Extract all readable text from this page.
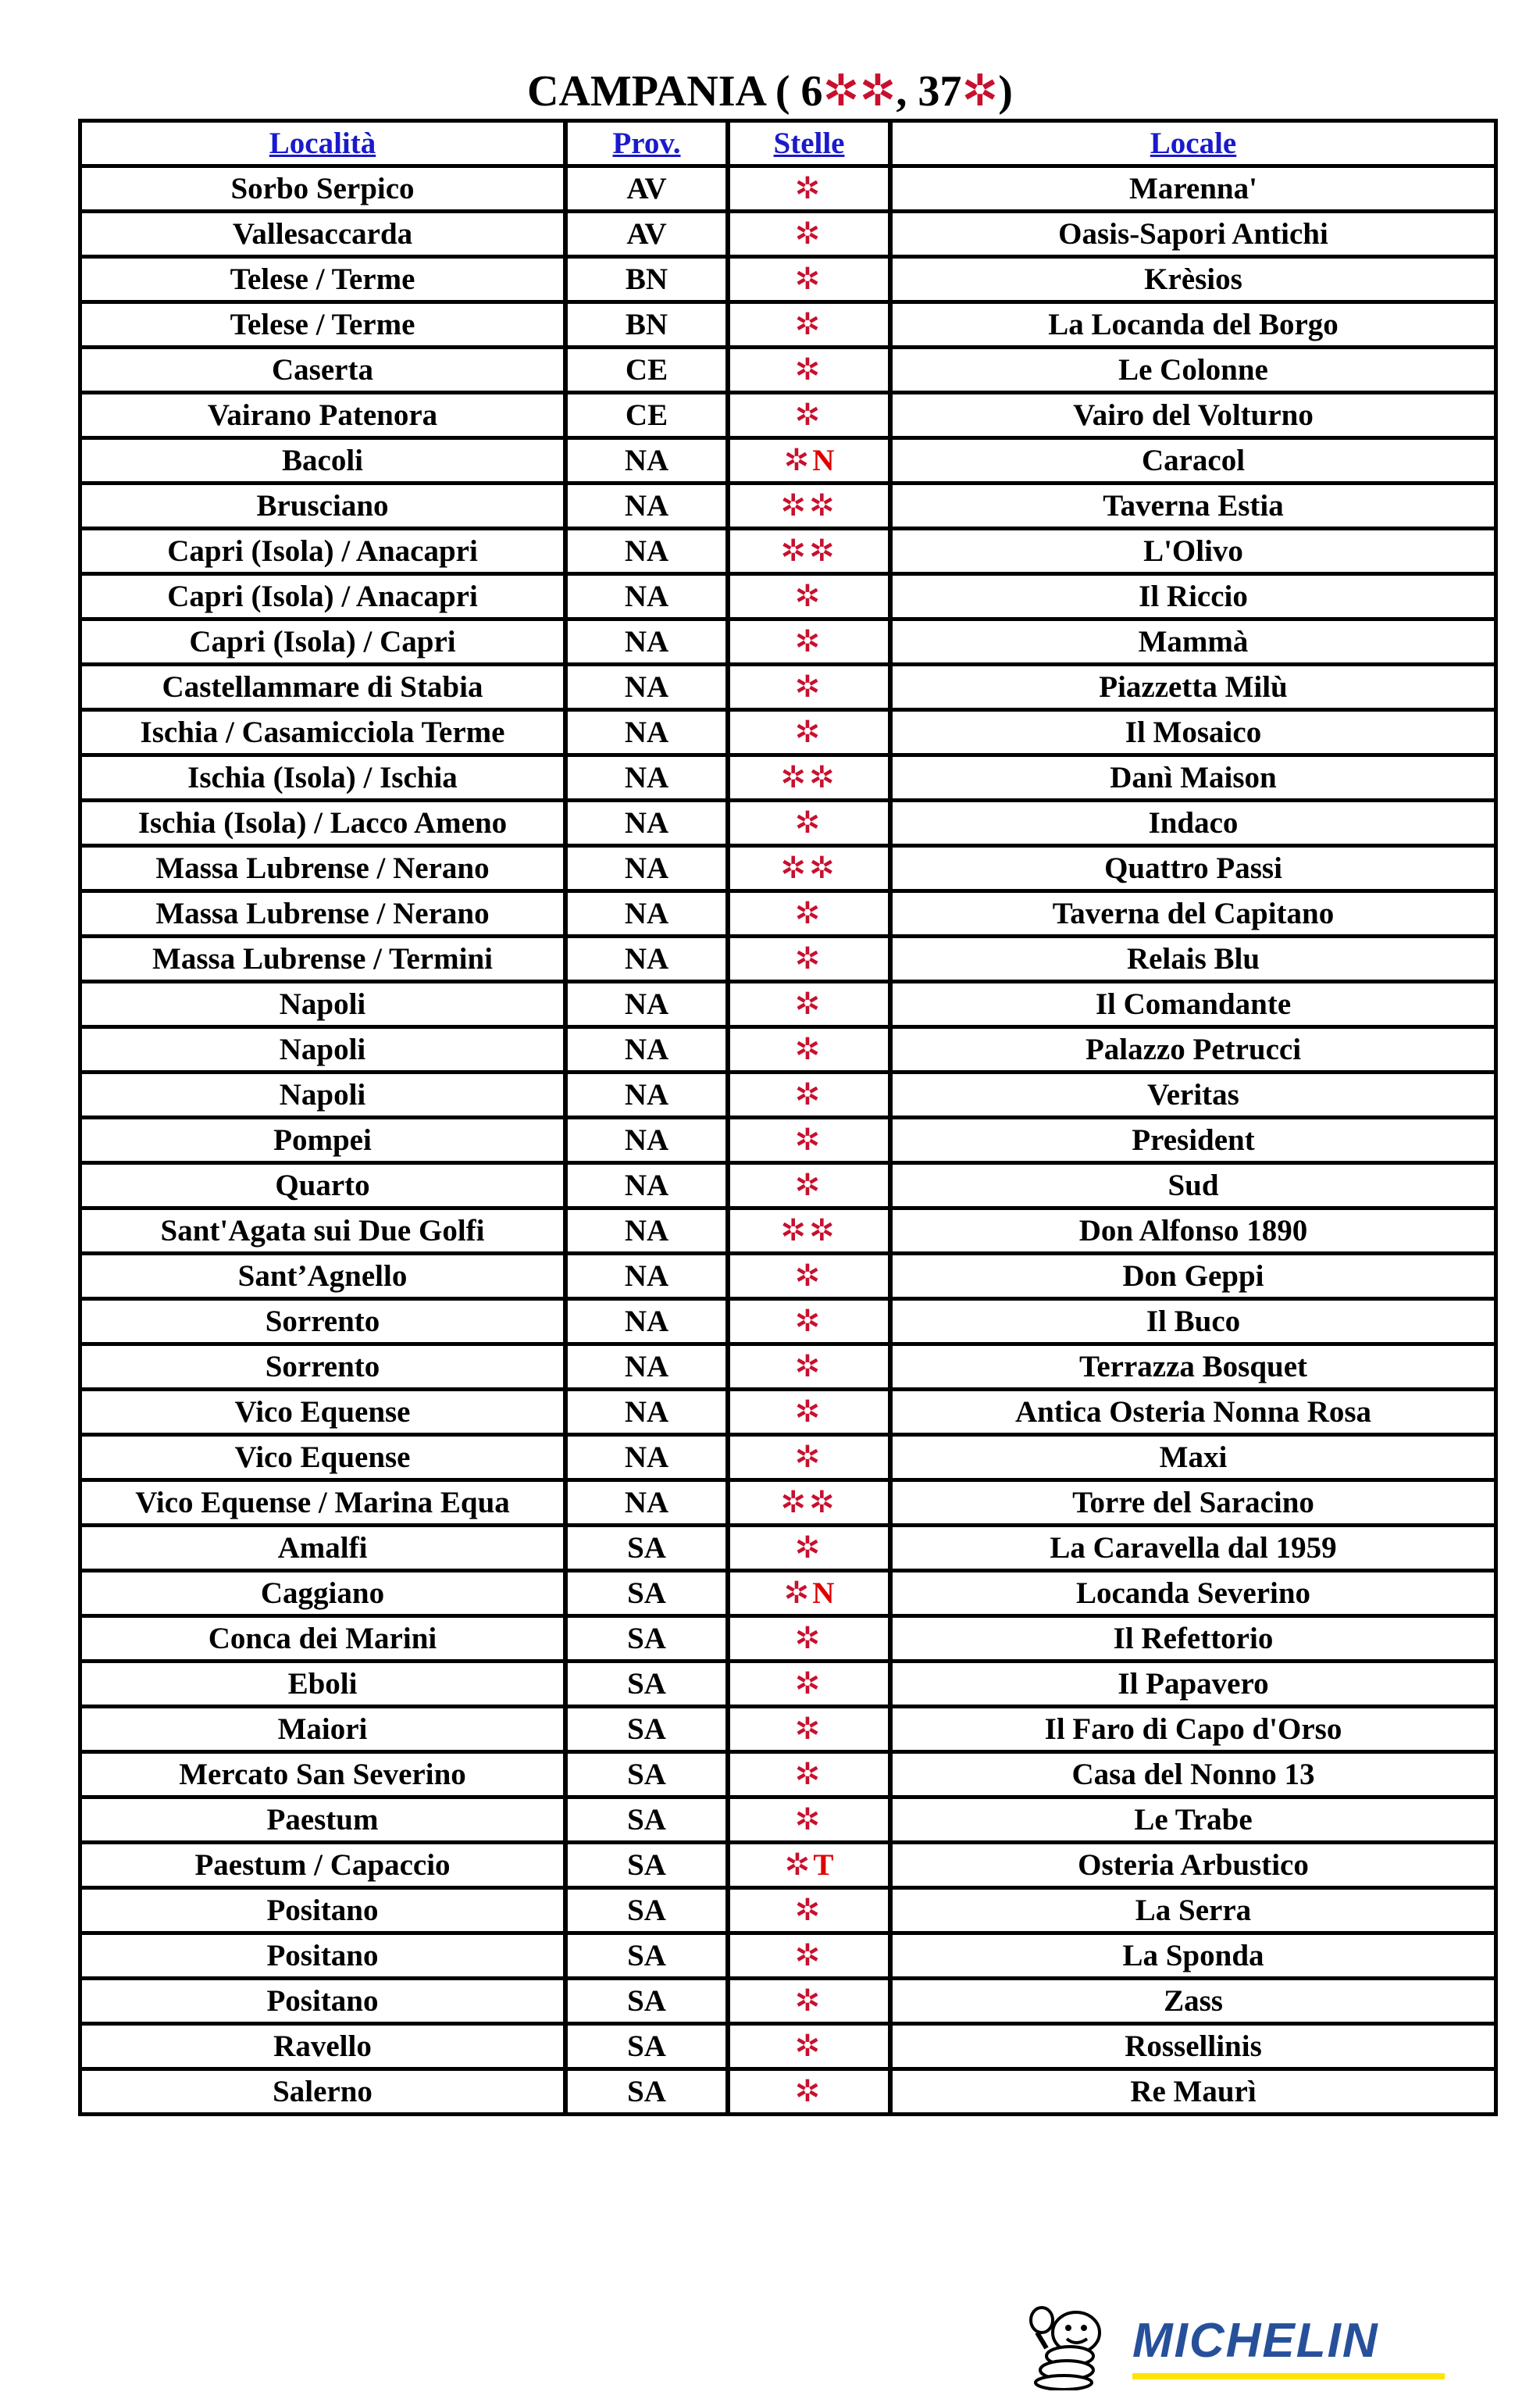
CAMPANIA ( 6✲✲, 37✲)
Località	Prov.	Stelle	Locale
Sorbo Serpico	AV	✲	Marenna'
Vallesaccarda	AV	✲	Oasis-Sapori Antichi
Telese / Terme	BN	✲	Krèsios
Telese / Terme	BN	✲	La Locanda del Borgo
Caserta	CE	✲	Le Colonne
Vairano Patenora	CE	✲	Vairo del Volturno
Bacoli	NA	✲N	Caracol
Brusciano	NA	✲✲	Taverna Estia
Capri (Isola) / Anacapri	NA	✲✲	L'Olivo
Capri (Isola) / Anacapri	NA	✲	Il Riccio
Capri (Isola) / Capri	NA	✲	Mammà
Castellammare di Stabia	NA	✲	Piazzetta Milù
Ischia / Casamicciola Terme	NA	✲	Il Mosaico
Ischia (Isola) / Ischia	NA	✲✲	Danì Maison
Ischia (Isola) / Lacco Ameno	NA	✲	Indaco
Massa Lubrense / Nerano	NA	✲✲	Quattro Passi
Massa Lubrense / Nerano	NA	✲	Taverna del Capitano
Massa Lubrense / Termini	NA	✲	Relais Blu
Napoli	NA	✲	Il Comandante
Napoli	NA	✲	Palazzo Petrucci
Napoli	NA	✲	Veritas
Pompei	NA	✲	President
Quarto	NA	✲	Sud
Sant'Agata sui Due Golfi	NA	✲✲	Don Alfonso 1890
Sant’Agnello	NA	✲	Don Geppi
Sorrento	NA	✲	Il Buco
Sorrento	NA	✲	Terrazza Bosquet
Vico Equense	NA	✲	Antica Osteria Nonna Rosa
Vico Equense	NA	✲	Maxi
Vico Equense / Marina Equa	NA	✲✲	Torre del Saracino
Amalfi	SA	✲	La Caravella dal 1959
Caggiano	SA	✲N	Locanda Severino
Conca dei Marini	SA	✲	Il Refettorio
Eboli	SA	✲	Il Papavero
Maiori	SA	✲	Il Faro di Capo d'Orso
Mercato San Severino	SA	✲	Casa del Nonno 13
Paestum	SA	✲	Le Trabe
Paestum / Capaccio	SA	✲T	Osteria Arbustico
Positano	SA	✲	La Serra
Positano	SA	✲	La Sponda
Positano	SA	✲	Zass
Ravello	SA	✲	Rossellinis
Salerno	SA	✲	Re Maurì
MICHELIN
